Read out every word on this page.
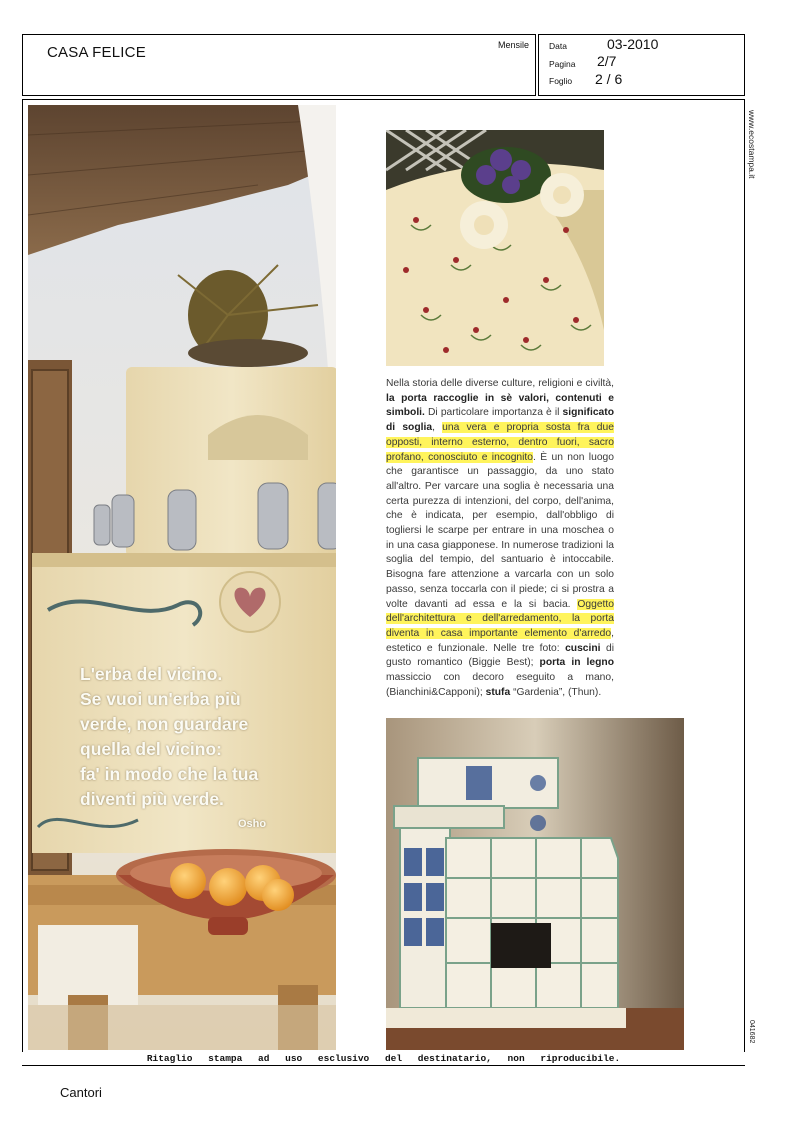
CASA FELICE	Mensile Data	03-2010
Pagina 2/7
Foglio 2 / 6
L'erba del vicino.
Se vuoi un'erba più
verde, non guardare
quella del vicino:
fa' in modo che la tua
diventi più verde.
Osho
Nella storia delle diverse culture, religioni e civiltà, la porta raccoglie in sè valori, contenuti e simboli. Di particolare importanza è il significato di soglia, una vera e propria sosta fra due opposti, interno esterno, dentro fuori, sacro profano, conosciuto e incognito. È un non luogo che garantisce un passaggio, da uno stato all'altro. Per varcare una soglia è necessaria una certa purezza di intenzioni, del corpo, dell'anima, che è indicata, per esempio, dall'obbligo di togliersi le scarpe per entrare in una moschea o in una casa giapponese. In numerose tradizioni la soglia del tempio, del santuario è intoccabile. Bisogna fare attenzione a varcarla con un solo passo, senza toccarla con il piede; ci si prostra a volte davanti ad essa e la si bacia. Oggetto dell'architettura e dell'arredamento, la porta diventa in casa importante elemento d'arredo, estetico e funzionale. Nelle tre foto: cuscini di gusto romantico (Biggie Best); porta in legno massiccio con decoro eseguito a mano, (Bianchini&Capponi); stufa “Gardenia”, (Thun).
www.ecostampa.it
041682
Ritaglio stampa ad uso esclusivo del destinatario, non riproducibile.
Cantori
